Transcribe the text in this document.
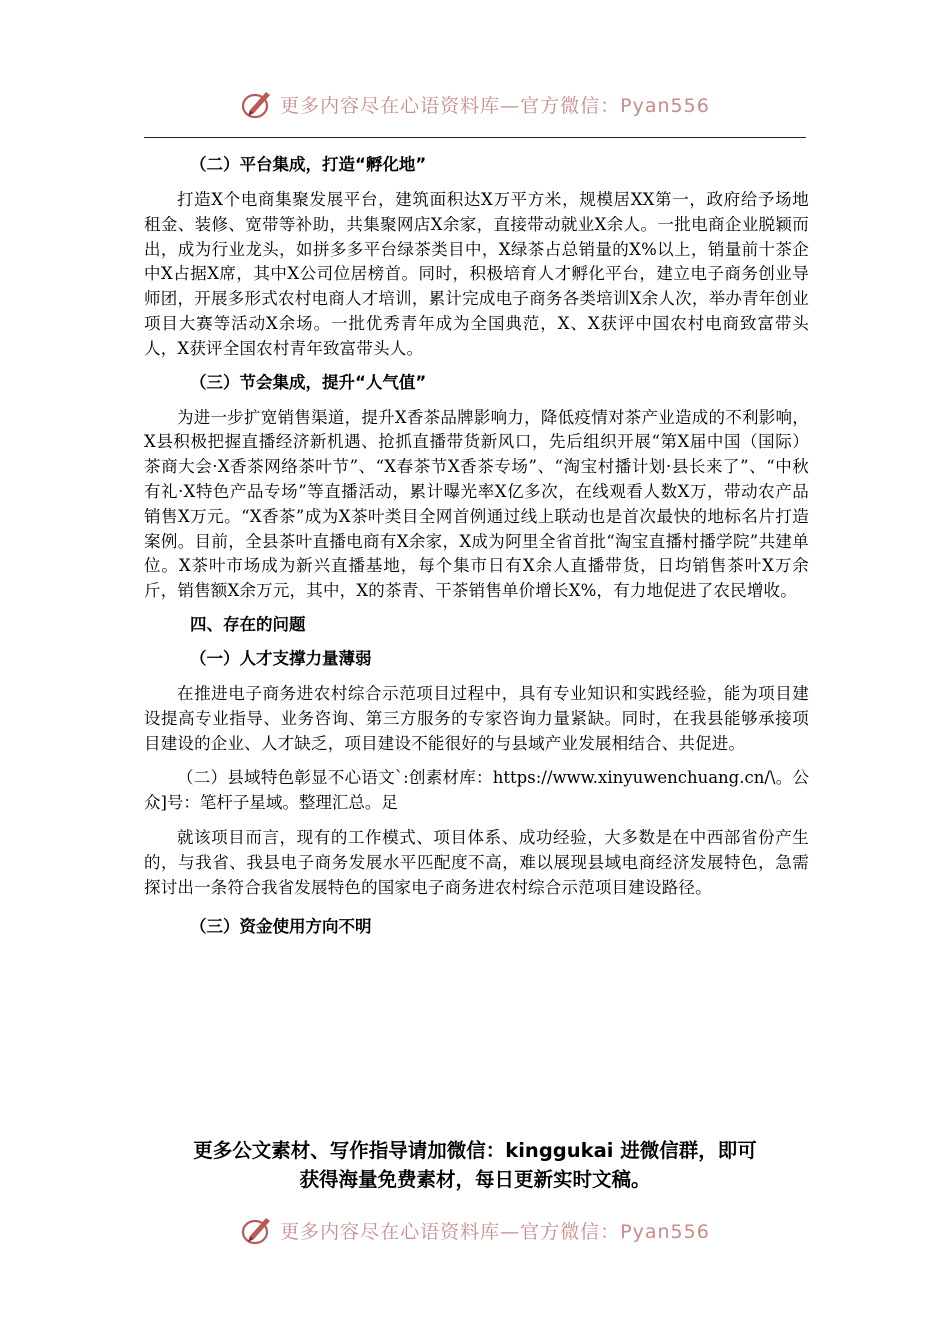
更多内容尽在心语资料库—官方微信：Pyan556

（二）平台集成，打造“孵化地”

打造X个电商集聚发展平台，建筑面积达X万平方米，规模居XX第一，政府给予场地租金、装修、宽带等补助，共集聚网店X余家，直接带动就业X余人。一批电商企业脱颖而出，成为行业龙头，如拼多多平台绿茶类目中，X绿茶占总销量的X%以上，销量前十茶企中X占据X席，其中X公司位居榜首。同时，积极培育人才孵化平台，建立电子商务创业导师团，开展多形式农村电商人才培训，累计完成电子商务各类培训X余人次，举办青年创业项目大赛等活动X余场。一批优秀青年成为全国典范，X、X获评中国农村电商致富带头人，X获评全国农村青年致富带头人。

（三）节会集成，提升“人气值”

为进一步扩宽销售渠道，提升X香茶品牌影响力，降低疫情对茶产业造成的不利影响，X县积极把握直播经济新机遇、抢抓直播带货新风口，先后组织开展“第X届中国（国际）茶商大会·X香茶网络茶叶节”、“X春茶节X香茶专场”、“淘宝村播计划·县长来了”、“中秋有礼·X特色产品专场”等直播活动，累计曝光率X亿多次，在线观看人数X万，带动农产品销售X万元。“X香茶”成为X茶叶类目全网首例通过线上联动也是首次最快的地标名片打造案例。目前，全县茶叶直播电商有X余家，X成为阿里全省首批“淘宝直播村播学院”共建单位。X茶叶市场成为新兴直播基地，每个集市日有X余人直播带货，日均销售茶叶X万余斤，销售额X余万元，其中，X的茶青、干茶销售单价增长X%，有力地促进了农民增收。

四、存在的问题

（一）人才支撑力量薄弱

在推进电子商务进农村综合示范项目过程中，具有专业知识和实践经验，能为项目建设提高专业指导、业务咨询、第三方服务的专家咨询力量紧缺。同时，在我县能够承接项目建设的企业、人才缺乏，项目建设不能很好的与县域产业发展相结合、共促进。

（二）县域特色彰显不心语文`:创素材库：https://www.xinyuwenchuang.cn/\。公众]号：笔杆子星域。整理汇总。足

就该项目而言，现有的工作模式、项目体系、成功经验，大多数是在中西部省份产生的，与我省、我县电子商务发展水平匹配度不高，难以展现县域电商经济发展特色，急需探讨出一条符合我省发展特色的国家电子商务进农村综合示范项目建设路径。

（三）资金使用方向不明

更多公文素材、写作指导请加微信：kinggukai 进微信群，即可
获得海量免费素材，每日更新实时文稿。
更多内容尽在心语资料库—官方微信：Pyan556
